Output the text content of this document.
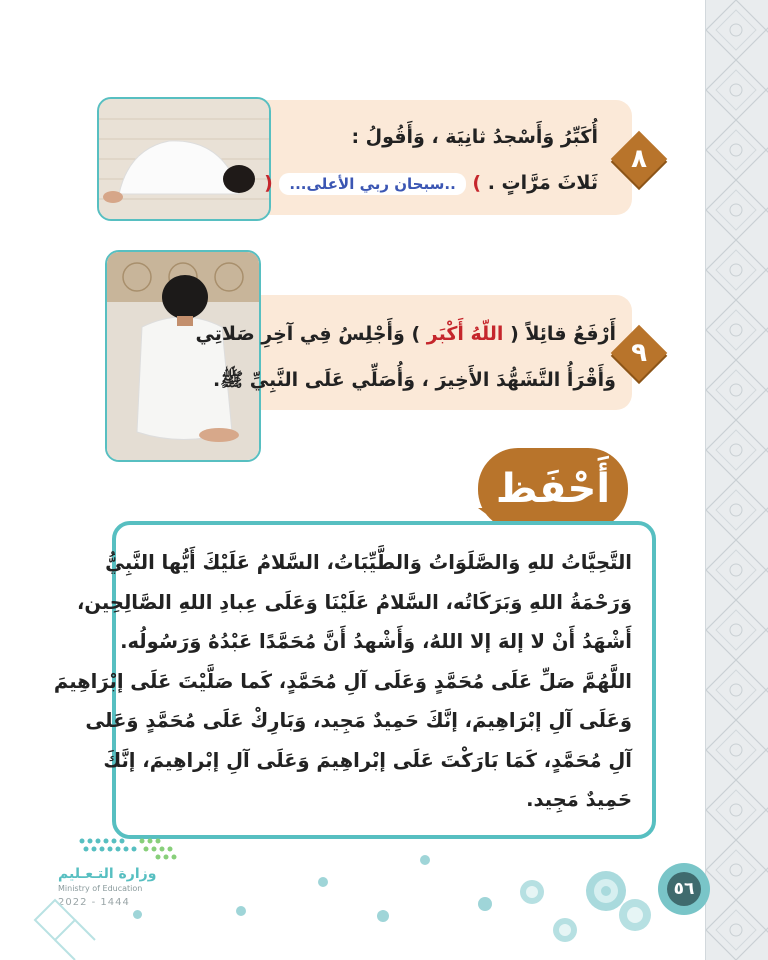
٨
أُكَبِّرُ وَأَسْجدُ ثانِيَة ، وَأَقُولُ :
ثَلاثَ مَرَّاتٍ . ) ..سبحان ربي الأعلى... (
٩
أَرْفَعُ قائِلاً ( اللّهُ أَكْبَر ) وَأَجْلِسُ فِي آخِرِ صَلاتِي
وَأَقْرَأُ التَّشَهُّدَ الأَخِيرَ ، وَأُصَلِّي عَلَى النَّبِيِّ ﷺ.
أَحْفَظ

التَّحِيَّاتُ للهِ وَالصَّلَوَاتُ وَالطَّيِّبَاتُ، السَّلامُ عَلَيْكَ أَيُّها النَّبِيُّ

وَرَحْمَةُ اللهِ وَبَرَكَاتُه، السَّلامُ عَلَيْنَا وَعَلَى عِبادِ اللهِ الصَّالِحِين،

أَشْهَدُ أَنْ لا إلهَ إلا اللهُ، وَأَشْهدُ أَنَّ مُحَمَّدًا عَبْدُهُ وَرَسُولُه.

اللَّهُمَّ صَلِّ عَلَى مُحَمَّدٍ وَعَلَى آلِ مُحَمَّدٍ، كَما صَلَّيْتَ عَلَى إبْرَاهِيمَ

وَعَلَى آلِ إبْرَاهِيمَ، إنَّكَ حَمِيدٌ مَجِيد، وَبَارِكْ عَلَى مُحَمَّدٍ وَعَلى

آلِ مُحَمَّدٍ، كَمَا بَارَكْتَ عَلَى إبْراهِيمَ وَعَلَى آلِ إبْراهِيمَ، إنَّكَ

حَمِيدٌ مَجِيد.

وزارة التـعـليم
Ministry of Education
2022 - 1444
٥٦
